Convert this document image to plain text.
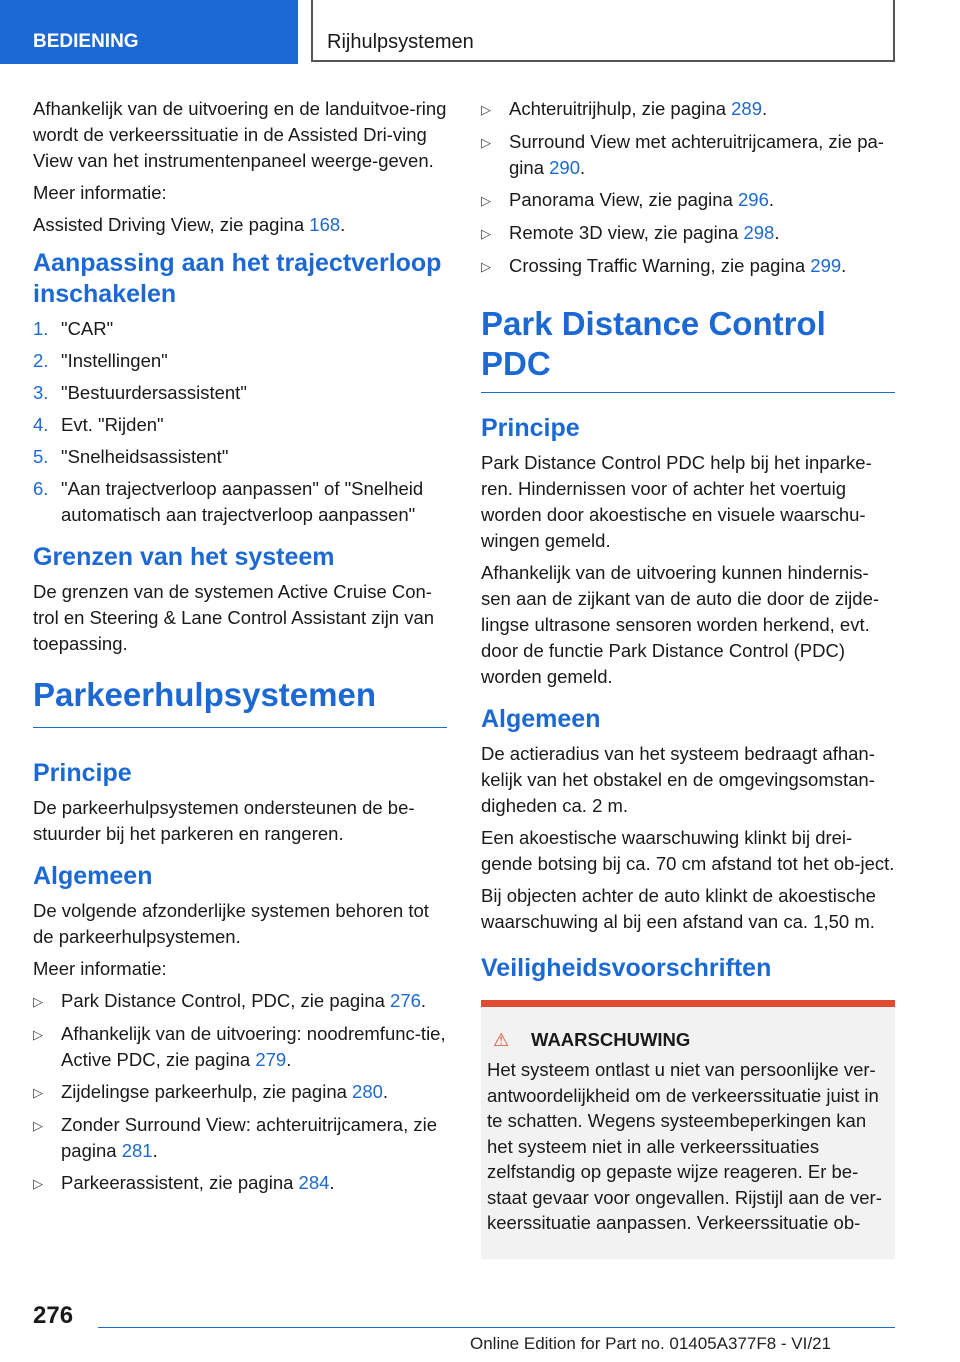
BEDIENING	Rijhulpsystemen

Afhankelijk van de uitvoering en de landuitvoe-ring wordt de verkeerssituatie in de Assisted Dri-ving View van het instrumentenpaneel weerge-geven.

Meer informatie:

Assisted Driving View, zie pagina 168.

Aanpassing aan het trajectverloop inschakelen
1. "CAR"
2. "Instellingen"
3. "Bestuurdersassistent"
4. Evt. "Rijden"
5. "Snelheidsassistent"
6. "Aan trajectverloop aanpassen" of "Snelheid automatisch aan trajectverloop aanpassen"
Grenzen van het systeem

De grenzen van de systemen Active Cruise Con-trol en Steering & Lane Control Assistant zijn van toepassing.

Parkeerhulpsystemen
Principe

De parkeerhulpsystemen ondersteunen de be-stuurder bij het parkeren en rangeren.

Algemeen

De volgende afzonderlijke systemen behoren tot de parkeerhulpsystemen.

Meer informatie:

▷ Park Distance Control, PDC, zie pagina 276.
▷ Afhankelijk van de uitvoering: noodremfunc-tie, Active PDC, zie pagina 279.
▷ Zijdelingse parkeerhulp, zie pagina 280.
▷ Zonder Surround View: achteruitrijcamera, zie pagina 281.
▷ Parkeerassistent, zie pagina 284.
▷ Achteruitrijhulp, zie pagina 289.
▷ Surround View met achteruitrijcamera, zie pa-gina 290.
▷ Panorama View, zie pagina 296.
▷ Remote 3D view, zie pagina 298.
▷ Crossing Traffic Warning, zie pagina 299.
Park Distance Control PDC
Principe

Park Distance Control PDC help bij het inparke-ren. Hindernissen voor of achter het voertuig worden door akoestische en visuele waarschu-wingen gemeld.

Afhankelijk van de uitvoering kunnen hindernis-sen aan de zijkant van de auto die door de zijde-lingse ultrasone sensoren worden herkend, evt. door de functie Park Distance Control (PDC) worden gemeld.

Algemeen

De actieradius van het systeem bedraagt afhan-kelijk van het obstakel en de omgevingsomstan-digheden ca. 2 m.

Een akoestische waarschuwing klinkt bij drei-gende botsing bij ca. 70 cm afstand tot het ob-ject.

Bij objecten achter de auto klinkt de akoestische waarschuwing al bij een afstand van ca. 1,50 m.

Veiligheidsvoorschriften
⚠	WAARSCHUWING

Het systeem ontlast u niet van persoonlijke ver-antwoordelijkheid om de verkeerssituatie juist in te schatten. Wegens systeembeperkingen kan het systeem niet in alle verkeerssituaties zelfstandig op gepaste wijze reageren. Er be-staat gevaar voor ongevallen. Rijstijl aan de ver-keerssituatie aanpassen. Verkeerssituatie ob-

276
Online Edition for Part no. 01405A377F8 - VI/21
